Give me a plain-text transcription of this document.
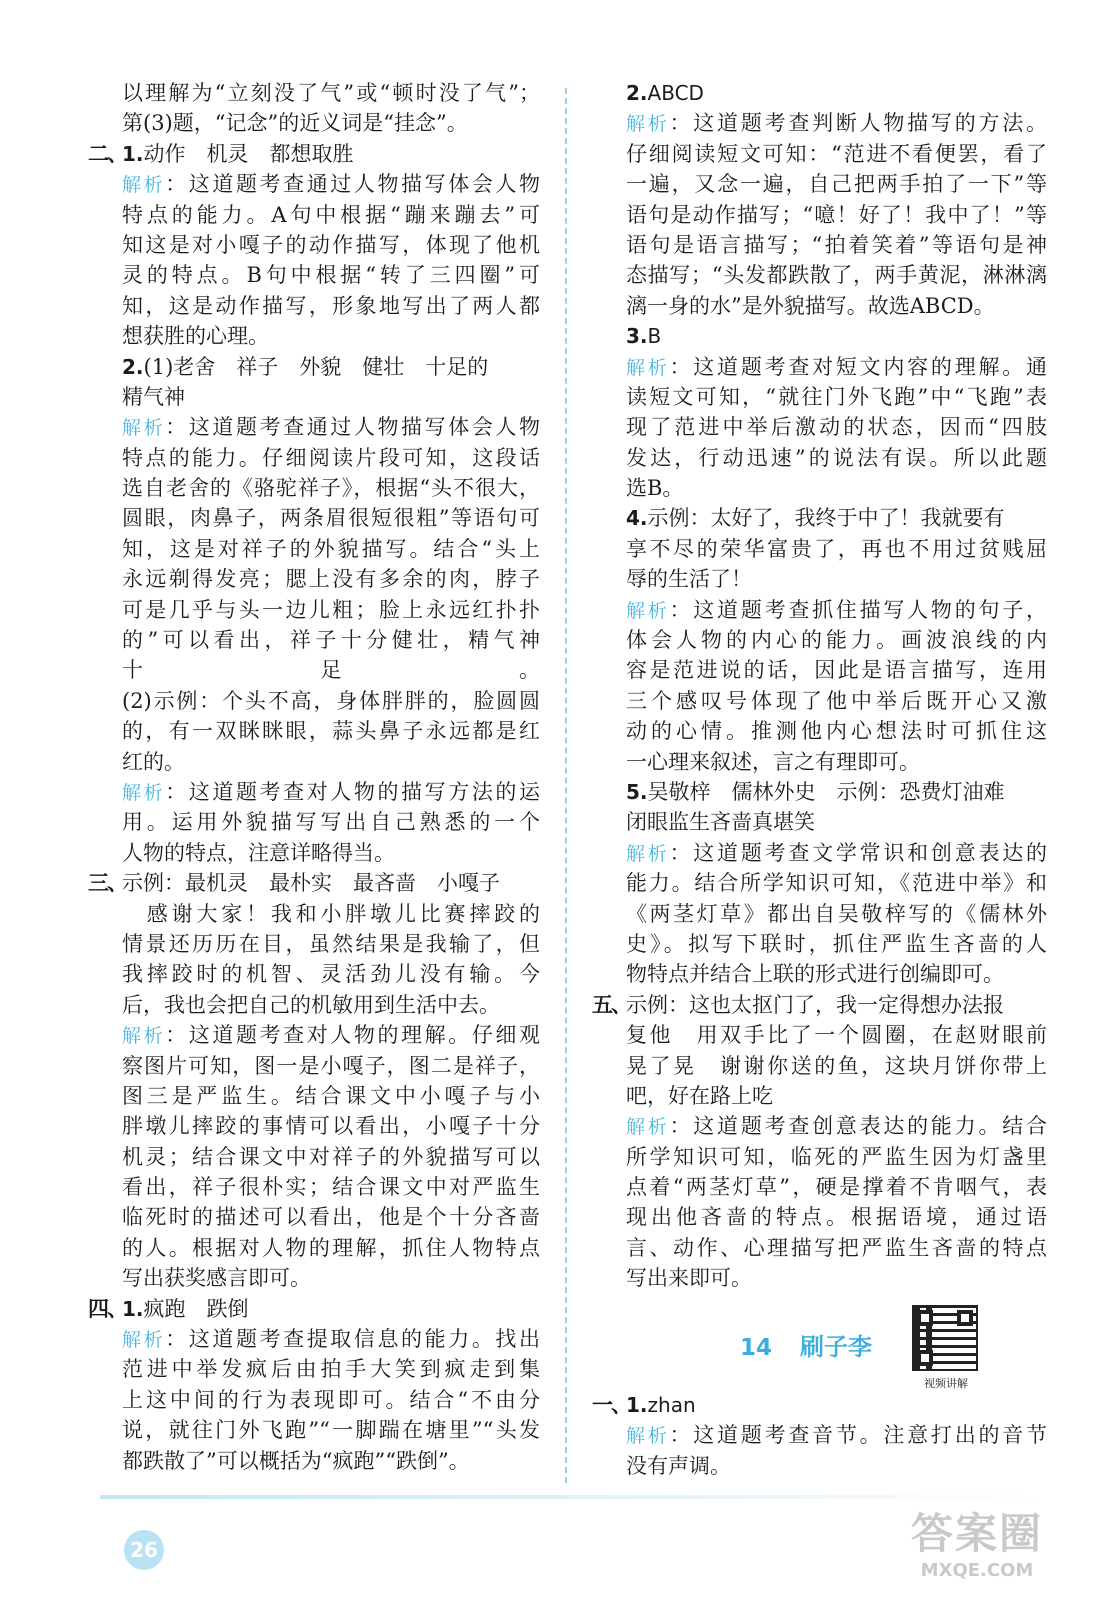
以理解为“立刻没了气”或“顿时没了气”；
第(3)题，“记念”的近义词是“挂念”。
二、1.动作　机灵　都想取胜
解析：这道题考查通过人物描写体会人物
特点的能力。A句中根据“蹦来蹦去”可
知这是对小嘎子的动作描写，体现了他机
灵的特点。B句中根据“转了三四圈”可
知，这是动作描写，形象地写出了两人都
想获胜的心理。
2.(1)老舍　祥子　外貌　健壮　十足的
精气神
解析：这道题考查通过人物描写体会人物
特点的能力。仔细阅读片段可知，这段话
选自老舍的《骆驼祥子》，根据“头不很大，
圆眼，肉鼻子，两条眉很短很粗”等语句可
知，这是对祥子的外貌描写。结合“头上
永远剃得发亮；腮上没有多余的肉，脖子
可是几乎与头一边儿粗；脸上永远红扑扑
的”可以看出，祥子十分健壮，精气神
十足。
(2)示例：个头不高，身体胖胖的，脸圆圆
的，有一双眯眯眼，蒜头鼻子永远都是红
红的。
解析：这道题考查对人物的描写方法的运
用。运用外貌描写写出自己熟悉的一个
人物的特点，注意详略得当。
三、示例：最机灵　最朴实　最吝啬　小嘎子
　感谢大家！我和小胖墩儿比赛摔跤的
情景还历历在目，虽然结果是我输了，但
我摔跤时的机智、灵活劲儿没有输。今
后，我也会把自己的机敏用到生活中去。
解析：这道题考查对人物的理解。仔细观
察图片可知，图一是小嘎子，图二是祥子，
图三是严监生。结合课文中小嘎子与小
胖墩儿摔跤的事情可以看出，小嘎子十分
机灵；结合课文中对祥子的外貌描写可以
看出，祥子很朴实；结合课文中对严监生
临死时的描述可以看出，他是个十分吝啬
的人。根据对人物的理解，抓住人物特点
写出获奖感言即可。
四、1.疯跑　跌倒
解析：这道题考查提取信息的能力。找出
范进中举发疯后由拍手大笑到疯走到集
上这中间的行为表现即可。结合“不由分
说，就往门外飞跑”“一脚踹在塘里”“头发
都跌散了”可以概括为“疯跑”“跌倒”。
2.ABCD
解析：这道题考查判断人物描写的方法。
仔细阅读短文可知：“范进不看便罢，看了
一遍，又念一遍，自己把两手拍了一下”等
语句是动作描写；“噫！好了！我中了！”等
语句是语言描写；“拍着笑着”等语句是神
态描写；“头发都跌散了，两手黄泥，淋淋漓
漓一身的水”是外貌描写。故选ABCD。
3.B
解析：这道题考查对短文内容的理解。通
读短文可知，“就往门外飞跑”中“飞跑”表
现了范进中举后激动的状态，因而“四肢
发达，行动迅速”的说法有误。所以此题
选B。
4.示例：太好了，我终于中了！我就要有
享不尽的荣华富贵了，再也不用过贫贱屈
辱的生活了！
解析：这道题考查抓住描写人物的句子，
体会人物的内心的能力。画波浪线的内
容是范进说的话，因此是语言描写，连用
三个感叹号体现了他中举后既开心又激
动的心情。推测他内心想法时可抓住这
一心理来叙述，言之有理即可。
5.吴敬梓　儒林外史　示例：恐费灯油难
闭眼监生吝啬真堪笑
解析：这道题考查文学常识和创意表达的
能力。结合所学知识可知，《范进中举》和
《两茎灯草》都出自吴敬梓写的《儒林外
史》。拟写下联时，抓住严监生吝啬的人
物特点并结合上联的形式进行创编即可。
五、示例：这也太抠门了，我一定得想办法报
复他　用双手比了一个圆圈，在赵财眼前
晃了晃　谢谢你送的鱼，这块月饼你带上
吧，好在路上吃
解析：这道题考查创意表达的能力。结合
所学知识可知，临死的严监生因为灯盏里
点着“两茎灯草”，硬是撑着不肯咽气，表
现出他吝啬的特点。根据语境，通过语
言、动作、心理描写把严监生吝啬的特点
写出来即可。
一、1.zhan
解析：这道题考查音节。注意打出的音节
没有声调。
14 刷子李
视频讲解
26	答案圈
MXQE.COM
